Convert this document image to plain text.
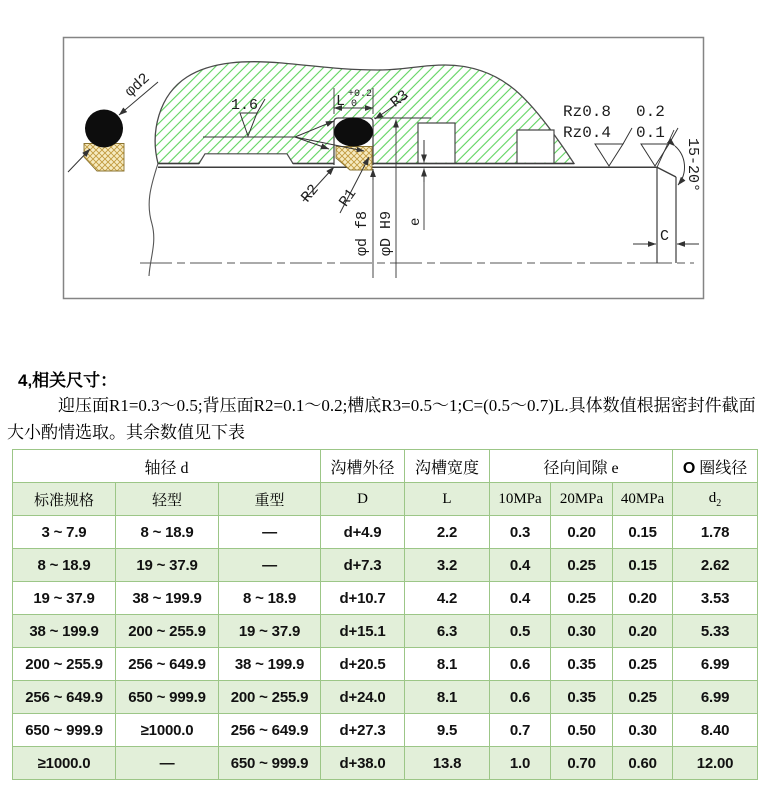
φd2
1.6	L +0.2
0 R3
R2 R1
φd f8 φD H9 e
Rz0.8 0.2
Rz0.4 0.1
15-20°
C
4,相关尺寸：
迎压面R1=0.3～0.5;背压面R2=0.1～0.2;槽底R3=0.5～1;C=(0.5～0.7)L.具体数值根据密封件截面大小酌情选取。其余数值见下表
轴径 d			沟槽外径	沟槽宽度	径向间隙 e			O 圈线径
标准规格	轻型	重型	D	L	10MPa	20MPa	40MPa	$d_2$
3 ~ 7.9	8 ~ 18.9	—	d+4.9	2.2	0.3	0.20	0.15	1.78
8 ~ 18.9	19 ~ 37.9	—	d+7.3	3.2	0.4	0.25	0.15	2.62
19 ~ 37.9	38 ~ 199.9	8 ~ 18.9	d+10.7	4.2	0.4	0.25	0.20	3.53
38 ~ 199.9	200 ~ 255.9	19 ~ 37.9	d+15.1	6.3	0.5	0.30	0.20	5.33
200 ~ 255.9	256 ~ 649.9	38 ~ 199.9	d+20.5	8.1	0.6	0.35	0.25	6.99
256 ~ 649.9	650 ~ 999.9	200 ~ 255.9	d+24.0	8.1	0.6	0.35	0.25	6.99
650 ~ 999.9	≥1000.0	256 ~ 649.9	d+27.3	9.5	0.7	0.50	0.30	8.40
≥1000.0	—	650 ~ 999.9	d+38.0	13.8	1.0	0.70	0.60	12.00
